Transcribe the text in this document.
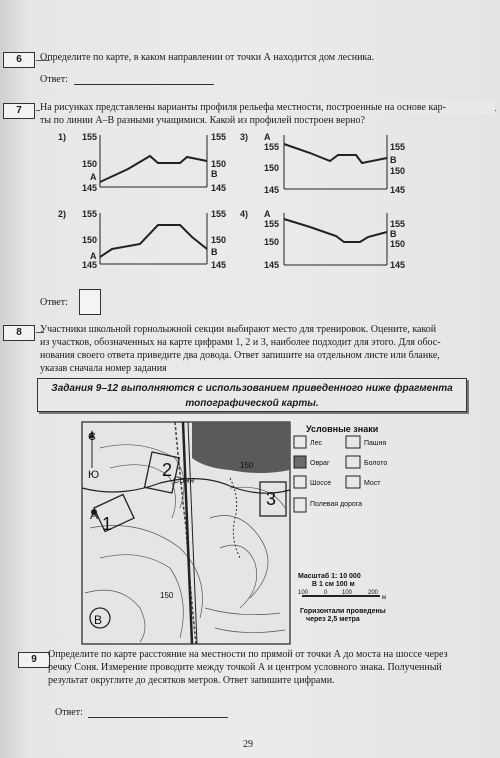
6	Определите по карте, в каком направлении от точки А находится дом лесника.
Ответ:
7	На рисунках представлены варианты профиля рельефа местности, построенные на основе кар-
ты по линии А–В разными учащимися. Какой из профилей построен верно?
1) 155
150
145
A
155
150
145
B
3) A
155
150
145
155
B
150
145
2) 155
150
A
145
155
150
B
145
4) A
155
150
145
155
B
150
145
Ответ:
8	Участники школьной горнолыжной секции выбирают место для тренировок. Оцените, какой
из участков, обозначенных на карте цифрами 1, 2 и 3, наиболее подходит для этого. Для обос-
нования своего ответа приведите два довода. Ответ запишите на отдельном листе или бланке,
указав сначала номер задания
Задания 9–12 выполняются с использованием приведенного ниже фрагмента
топографической карты.
С
Ю
А
В
Соня
150
150
1
2
3
Условные знаки
Лес	Пашня
Овраг	Болото
Шоссе	Мост
Полевая дорога
Масштаб 1: 10 000
В 1 см 100 м
100	0 100	200
м
Горизонтали проведены
через 2,5 метра
9	Определите по карте расстояние на местности по прямой от точки А до моста на шоссе через
речку Соня. Измерение проводите между точкой А и центром условного знака. Полученный
результат округлите до десятков метров. Ответ запишите цифрами.
Ответ:
29
